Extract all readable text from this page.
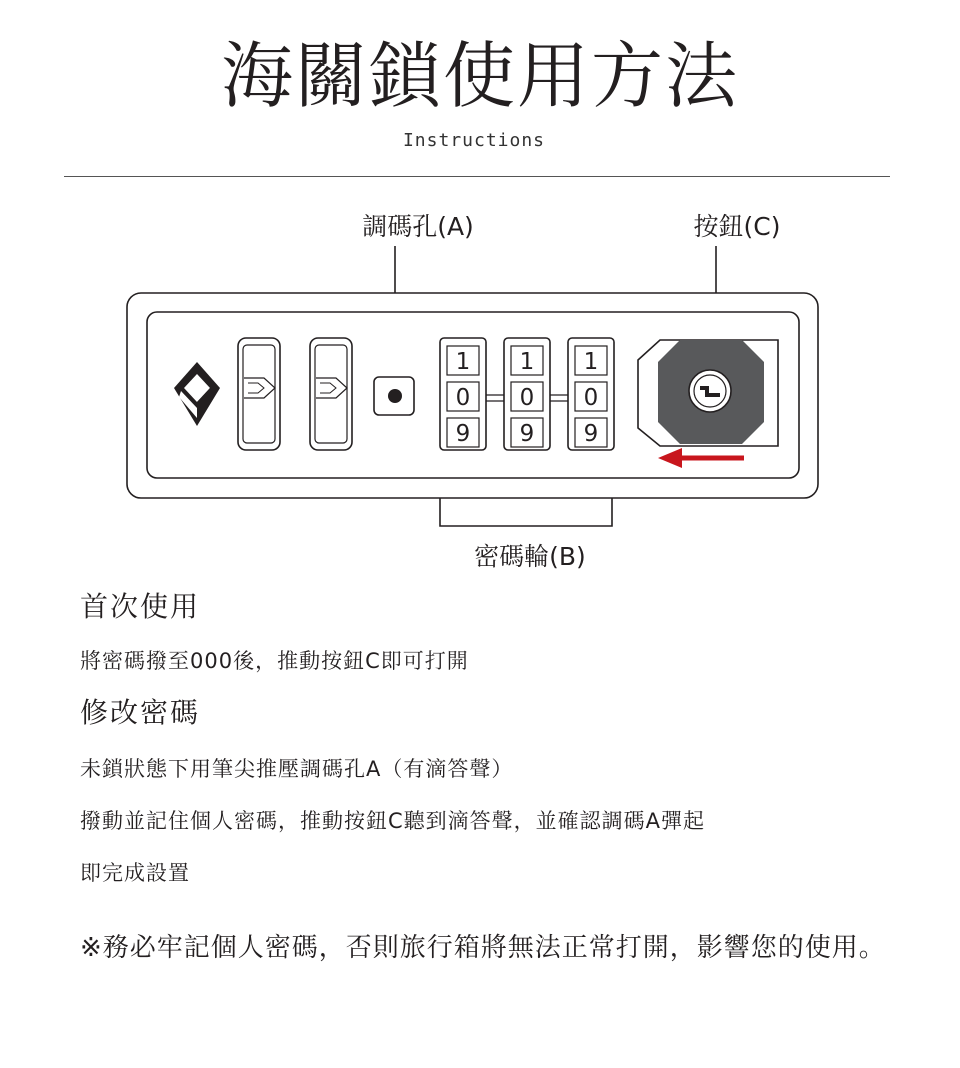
海關鎖使用方法
Instructions
調碼孔(A)	按鈕(C)
密碼輪(B)
1
0
9
1
0
9
1
0
9
首次使用

將密碼撥至000後，推動按鈕C即可打開

修改密碼

未鎖狀態下用筆尖推壓調碼孔A（有滴答聲）

撥動並記住個人密碼，推動按鈕C聽到滴答聲，並確認調碼A彈起

即完成設置

※務必牢記個人密碼，否則旅行箱將無法正常打開，影響您的使用。
